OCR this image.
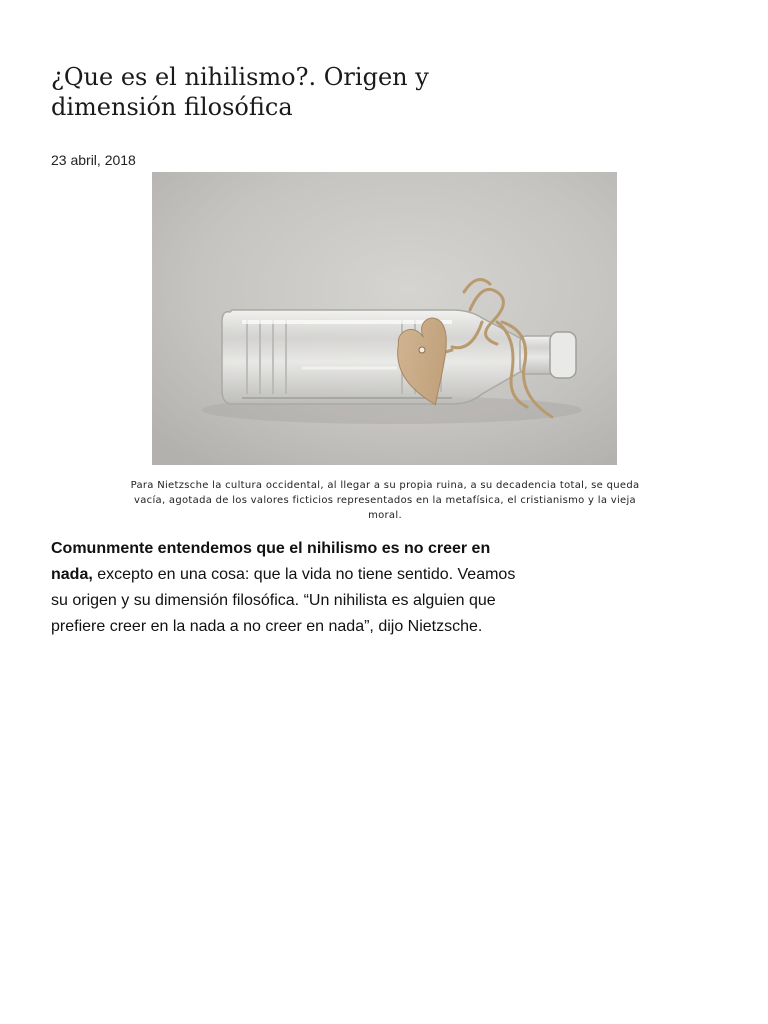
¿Que es el nihilismo?. Origen y dimensión filosófica
23 abril, 2018
Para Nietzsche la cultura occidental, al llegar a su propia ruina, a su decadencia total, se queda vacía, agotada de los valores ficticios representados en la metafísica, el cristianismo y la vieja moral.

Comunmente entendemos que el nihilismo es no creer en nada, excepto en una cosa: que la vida no tiene sentido. Veamos su origen y su dimensión filosófica. “Un nihilista es alguien que prefiere creer en la nada a no creer en nada”, dijo Nietzsche.
